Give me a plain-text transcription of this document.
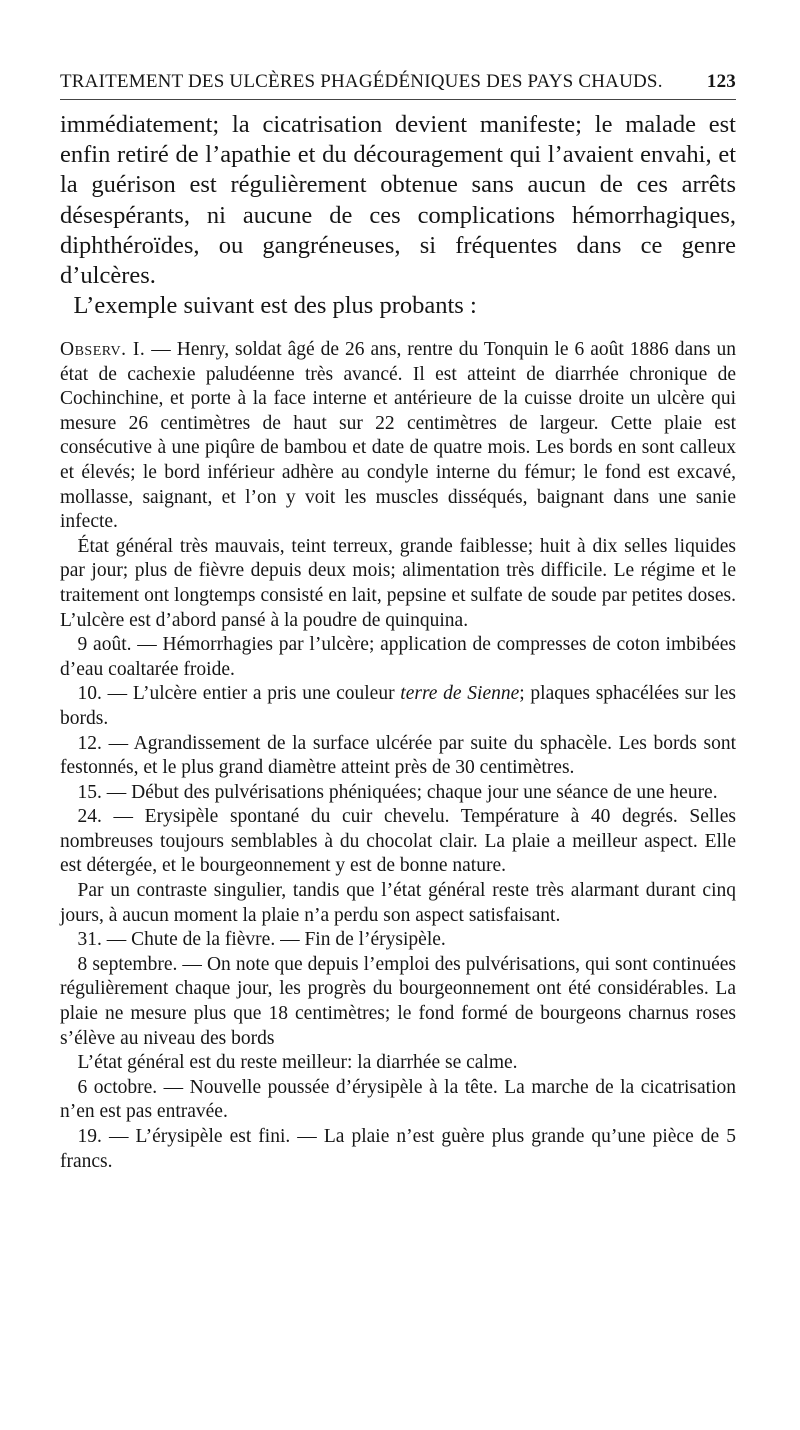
TRAITEMENT DES ULCÈRES PHAGÉDÉNIQUES DES PAYS CHAUDS. 123

immédiatement; la cicatrisation devient manifeste; le malade est enfin retiré de l’apathie et du découragement qui l’avaient envahi, et la guérison est régulièrement obtenue sans aucun de ces arrêts désespérants, ni aucune de ces complications hémorrhagiques, diphthéroïdes, ou gangréneuses, si fréquentes dans ce genre d’ulcères.

L’exemple suivant est des plus probants :

Observ. I. — Henry, soldat âgé de 26 ans, rentre du Tonquin le 6 août 1886 dans un état de cachexie paludéenne très avancé. Il est atteint de diarrhée chronique de Cochinchine, et porte à la face interne et antérieure de la cuisse droite un ulcère qui mesure 26 centimètres de haut sur 22 centimètres de largeur. Cette plaie est consécutive à une piqûre de bambou et date de quatre mois. Les bords en sont calleux et élevés; le bord inférieur adhère au condyle interne du fémur; le fond est excavé, mollasse, saignant, et l’on y voit les muscles disséqués, baignant dans une sanie infecte.

État général très mauvais, teint terreux, grande faiblesse; huit à dix selles liquides par jour; plus de fièvre depuis deux mois; alimentation très difficile. Le régime et le traitement ont longtemps consisté en lait, pepsine et sulfate de soude par petites doses. L’ulcère est d’abord pansé à la poudre de quinquina.

9 août. — Hémorrhagies par l’ulcère; application de compresses de coton imbibées d’eau coaltarée froide.

10. — L’ulcère entier a pris une couleur terre de Sienne; plaques sphacélées sur les bords.

12. — Agrandissement de la surface ulcérée par suite du sphacèle. Les bords sont festonnés, et le plus grand diamètre atteint près de 30 centimètres.

15. — Début des pulvérisations phéniquées; chaque jour une séance de une heure.

24. — Erysipèle spontané du cuir chevelu. Température à 40 degrés. Selles nombreuses toujours semblables à du chocolat clair. La plaie a meilleur aspect. Elle est détergée, et le bourgeonnement y est de bonne nature.

Par un contraste singulier, tandis que l’état général reste très alarmant durant cinq jours, à aucun moment la plaie n’a perdu son aspect satisfaisant.

31. — Chute de la fièvre. — Fin de l’érysipèle.

8 septembre. — On note que depuis l’emploi des pulvérisations, qui sont continuées régulièrement chaque jour, les progrès du bourgeonnement ont été considérables. La plaie ne mesure plus que 18 centimètres; le fond formé de bourgeons charnus roses s’élève au niveau des bords

L’état général est du reste meilleur: la diarrhée se calme.

6 octobre. — Nouvelle poussée d’érysipèle à la tête. La marche de la cicatrisation n’en est pas entravée.

19. — L’érysipèle est fini. — La plaie n’est guère plus grande qu’une pièce de 5 francs.
